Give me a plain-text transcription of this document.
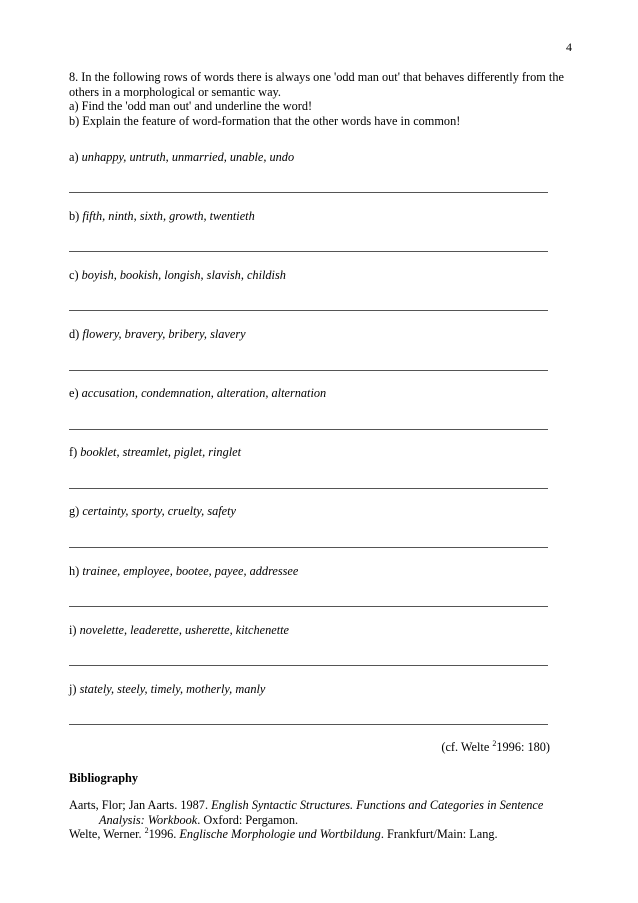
4

8. In the following rows of words there is always one 'odd man out' that behaves differently from the others in a morphological or semantic way.

a) Find the 'odd man out' and underline the word!

b) Explain the feature of word-formation that the other words have in common!

a) unhappy, untruth, unmarried, unable, undo
b) fifth, ninth, sixth, growth, twentieth
c) boyish, bookish, longish, slavish, childish
d) flowery, bravery, bribery, slavery
e) accusation, condemnation, alteration, alternation
f) booklet, streamlet, piglet, ringlet
g) certainty, sporty, cruelty, safety
h) trainee, employee, bootee, payee, addressee
i) novelette, leaderette, usherette, kitchenette
j) stately, steely, timely, motherly, manly
(cf. Welte $^2$1996: 180)
Bibliography

Aarts, Flor; Jan Aarts. 1987. English Syntactic Structures. Functions and Categories in Sentence Analysis: Workbook. Oxford: Pergamon.

Welte, Werner. $^2$1996. Englische Morphologie und Wortbildung. Frankfurt/Main: Lang.
